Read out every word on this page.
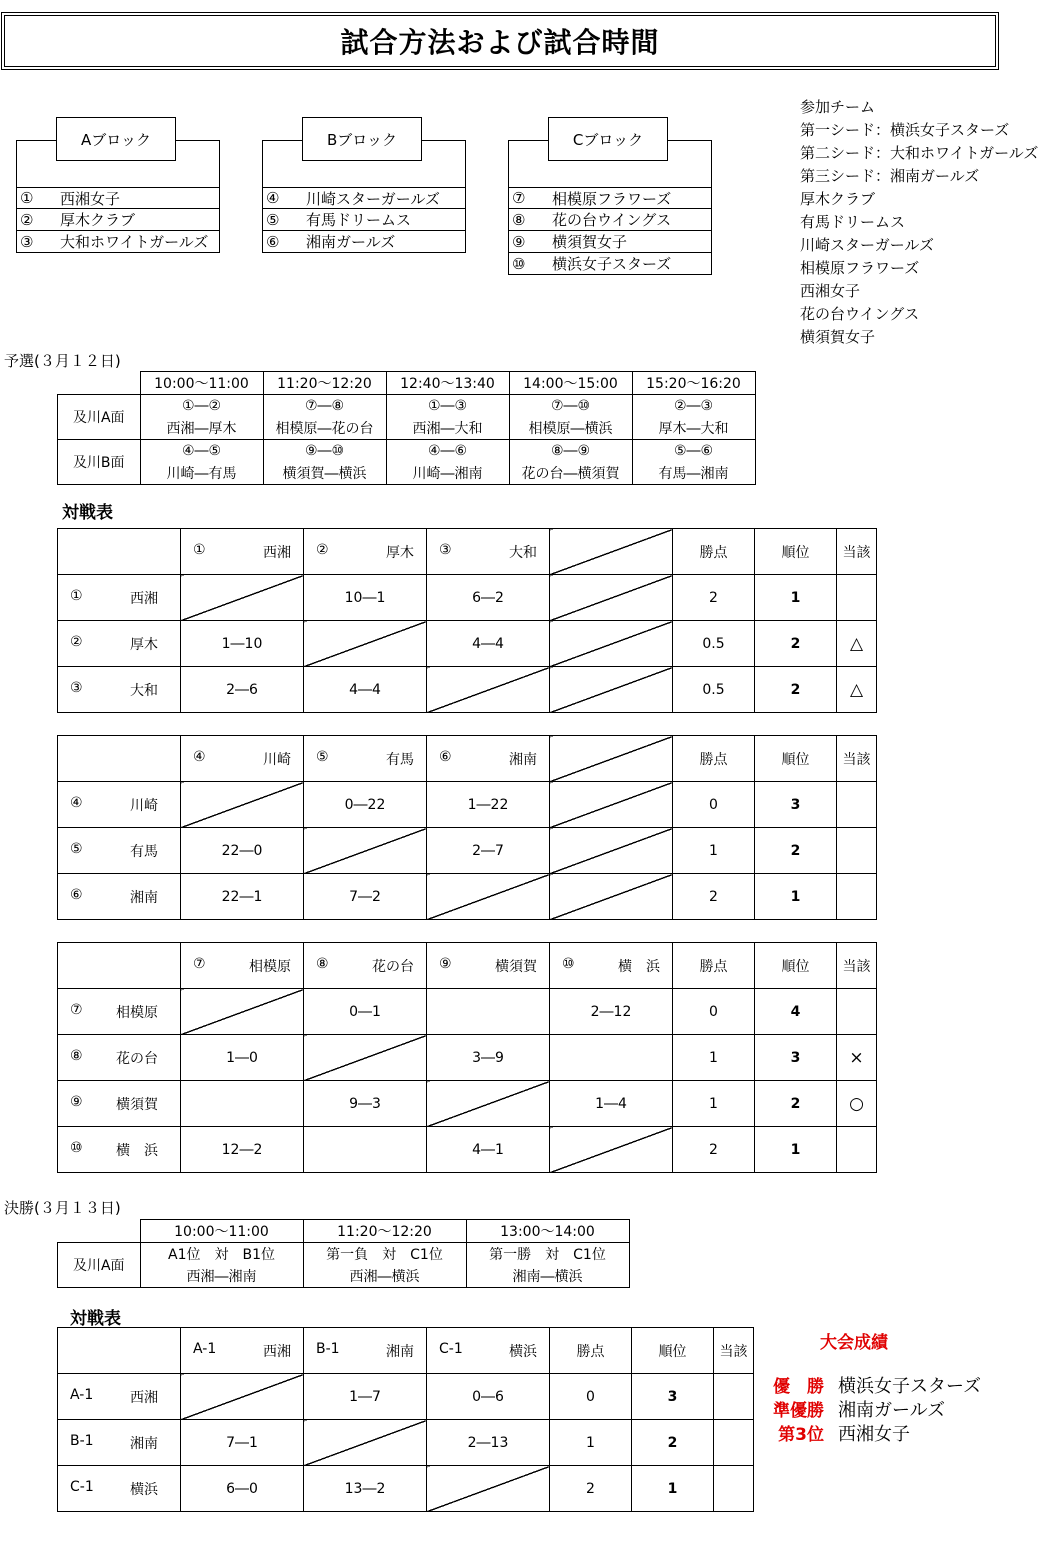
試合方法および試合時間
Aブロック
①	西湘女子
②	厚木クラブ
③	大和ホワイトガールズ
Bブロック
④	川崎スターガールズ
⑤	有馬ドリームス
⑥	湘南ガールズ
Cブロック
⑦	相模原フラワーズ
⑧	花の台ウイングス
⑨	横須賀女子
⑩	横浜女子スターズ
参加チーム
第一シード：横浜女子スターズ
第二シード：大和ホワイトガールズ
第三シード：湘南ガールズ
厚木クラブ
有馬ドリームス
川崎スターガールズ
相模原フラワーズ
西湘女子
花の台ウイングス
横須賀女子
予選(３月１２日)
	10:00～11:00	11:20～12:20	12:40～13:40	14:00～15:00	15:20～16:20
及川A面	①―②	⑦―⑧	①―③	⑦―⑩	②―③
	西湘―厚木	相模原―花の台	西湘―大和	相模原―横浜	厚木―大和
及川B面	④―⑤	⑨―⑩	④―⑥	⑧―⑨	⑤―⑥
	川崎―有馬	横須賀―横浜	川崎―湘南	花の台―横須賀	有馬―湘南
対戦表

	① 西湘	② 厚木	③ 大和		勝点	順位	当該

① 西湘		10―1	6―2		2	1	

② 厚木	1―10		4―4		0.5	2	△

③ 大和	2―6	4―4			0.5	2	△

	④ 川崎	⑤ 有馬	⑥ 湘南		勝点	順位	当該

④ 川崎		0―22	1―22		0	3	

⑤ 有馬	22―0		2―7		1	2	

⑥ 湘南	22―1	7―2			2	1	

	⑦ 相模原	⑧ 花の台	⑨ 横須賀	⑩ 横　浜	勝点	順位	当該

⑦ 相模原		0―1		2―12	0	4	

⑧ 花の台	1―0		3―9		1	3	×

⑨ 横須賀		9―3		1―4	1	2	○

⑩ 横　浜	12―2		4―1		2	1	
決勝(３月１３日)
	10:00～11:00	11:20～12:20	13:00～14:00
及川A面	A1位　対　B1位	第一負　対　C1位	第一勝　対　C1位
	西湘―湘南	西湘―横浜	湘南―横浜
対戦表

	A-1 西湘	B-1 湘南	C-1 横浜	勝点	順位	当該

A-1 西湘		1―7	0―6	0	3	

B-1 湘南	7―1		2―13	1	2	

C-1 横浜	6―0	13―2		2	1	
大会成績
優　勝 横浜女子スターズ
準優勝 湘南ガールズ
第3位 西湘女子
